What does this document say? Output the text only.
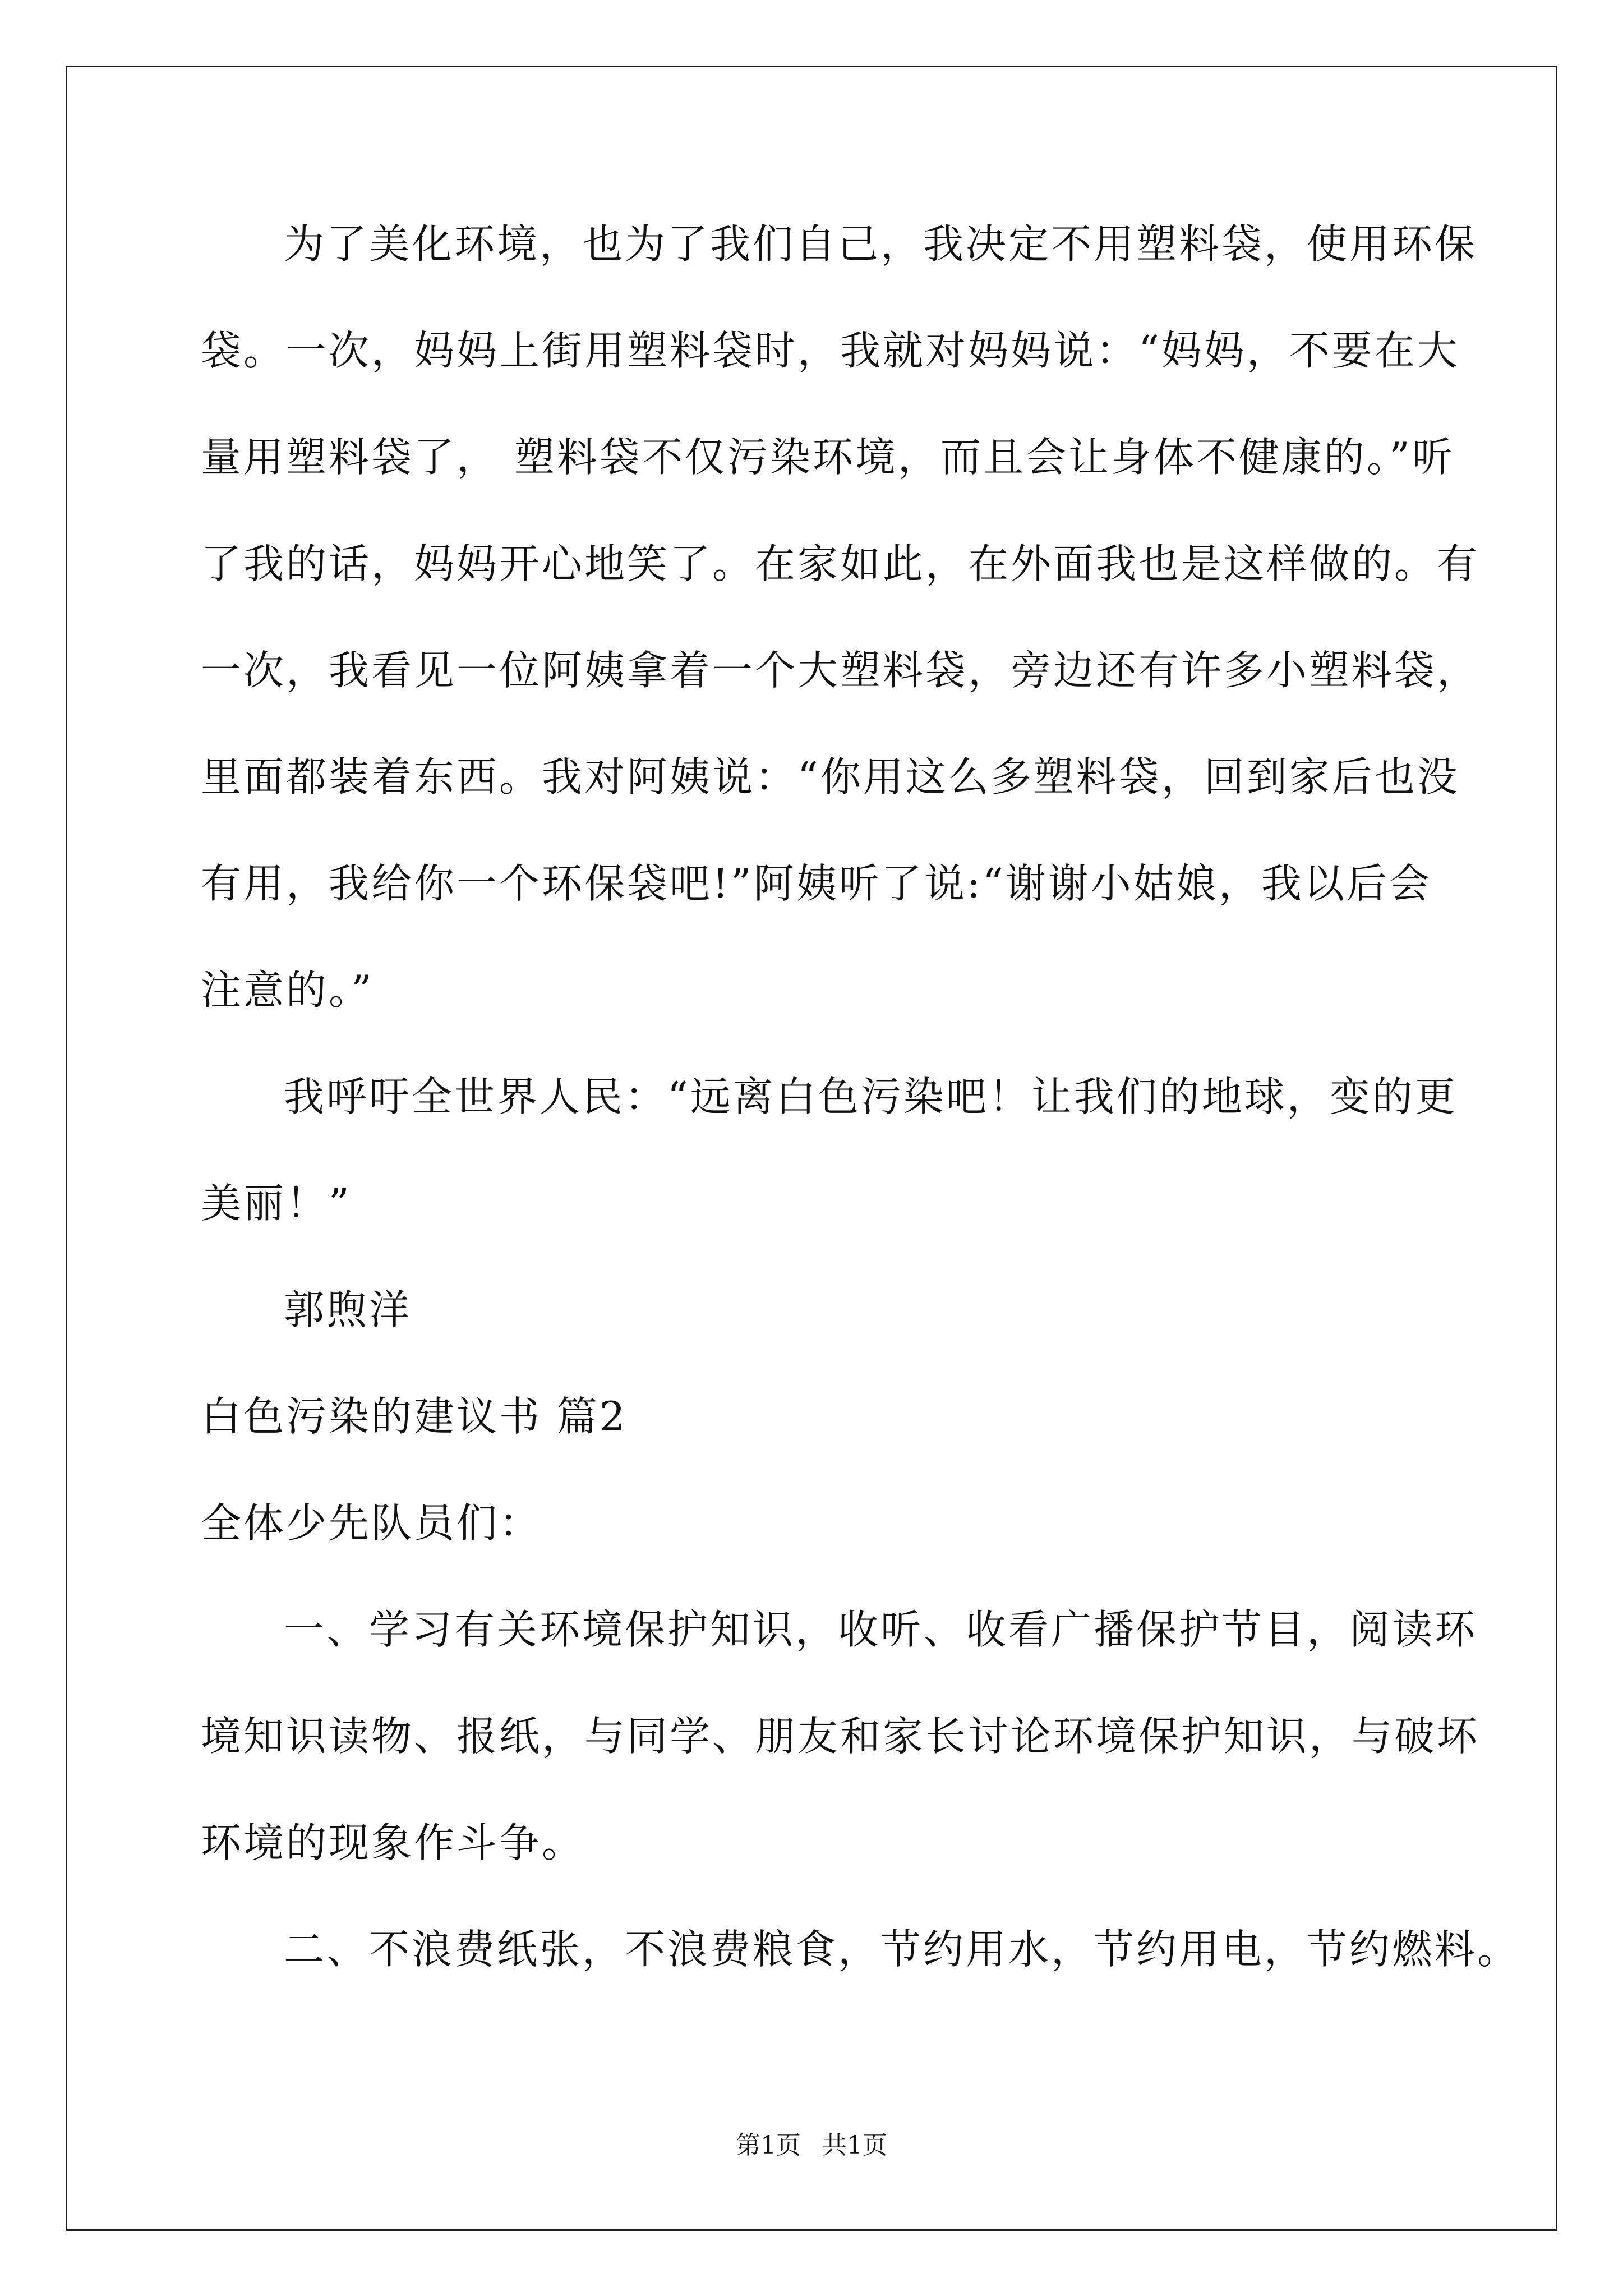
为了美化环境，也为了我们自己，我决定不用塑料袋，使用环保
袋。一次，妈妈上街用塑料袋时，我就对妈妈说：“妈妈，不要在大
量用塑料袋了， 塑料袋不仅污染环境，而且会让身体不健康的。”听
了我的话，妈妈开心地笑了。在家如此，在外面我也是这样做的。有
一次，我看见一位阿姨拿着一个大塑料袋，旁边还有许多小塑料袋，
里面都装着东西。我对阿姨说：“你用这么多塑料袋，回到家后也没
有用，我给你一个环保袋吧!”阿姨听了说:“谢谢小姑娘，我以后会
注意的。”
我呼吁全世界人民：“远离白色污染吧！让我们的地球，变的更
美丽！”
郭煦洋
白色污染的建议书 篇2
全体少先队员们：
一、学习有关环境保护知识，收听、收看广播保护节目，阅读环
境知识读物、报纸，与同学、朋友和家长讨论环境保护知识，与破坏
环境的现象作斗争。
二、不浪费纸张，不浪费粮食，节约用水，节约用电，节约燃料。
第1页 共1页
